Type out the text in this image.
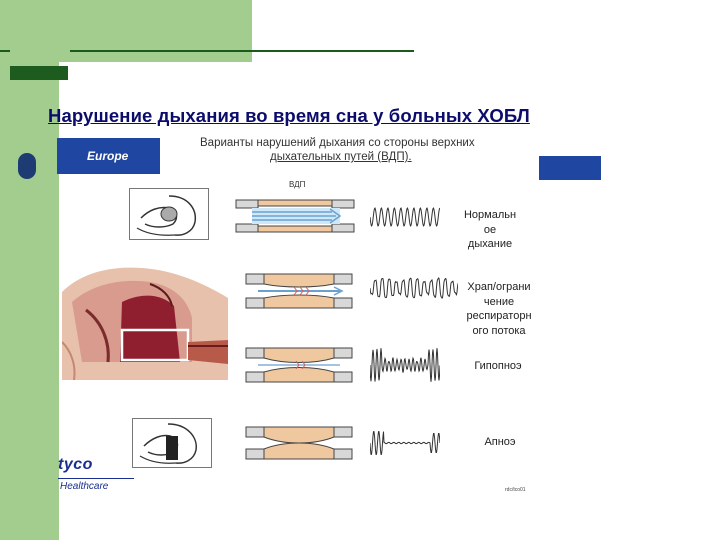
Нарушение дыхания во время сна у больных ХОБЛ
Europe
Варианты нарушений дыхания со стороны верхних
дыхательных путей (ВДП).
ВДП
Нормальн
ое
дыхание
Храп/ограни
чение
респираторн
ого потока
Гипопноэ
Апноэ
rdc/tco01
tyco
Healthcare
